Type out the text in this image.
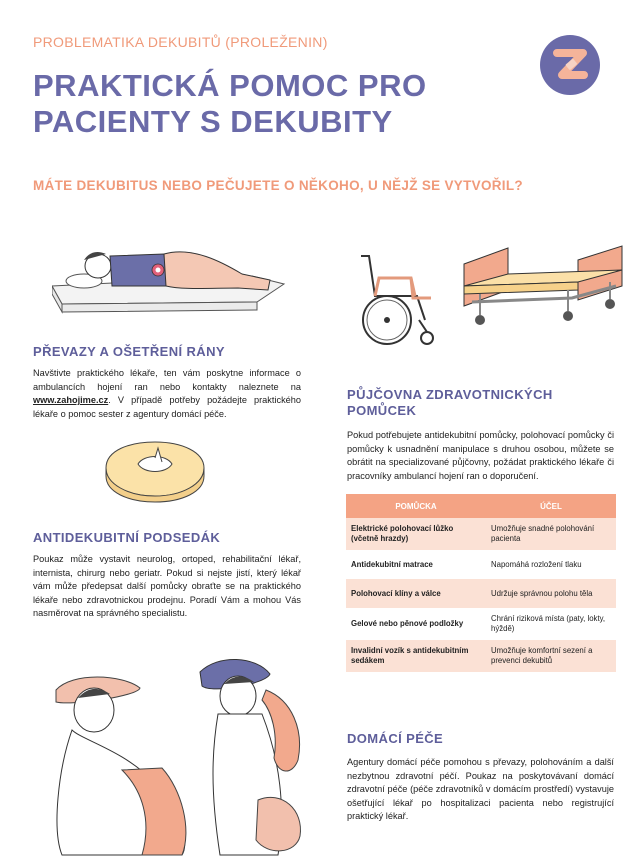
PROBLEMATIKA DEKUBITŮ (PROLEŽENIN)
PRAKTICKÁ POMOC PRO
PACIENTY S DEKUBITY
MÁTE DEKUBITUS NEBO PEČUJETE O NĚKOHO, U NĚJŽ SE VYTVOŘIL?
PŘEVAZY A OŠETŘENÍ RÁNY
Navštivte praktického lékaře, ten vám poskytne informace o ambulancích hojení ran nebo kontakty naleznete na www.zahojime.cz. V případě potřeby požádejte praktického lékaře o pomoc sester z agentury domácí péče.
ANTIDEKUBITNÍ PODSEDÁK
Poukaz může vystavit neurolog, ortoped, rehabilitační lékař, internista, chirurg nebo geriatr. Pokud si nejste jistí, který lékař vám může předepsat další pomůcky obraťte se na praktického lékaře nebo zdravotnickou prodejnu. Poradí Vám a mohou Vás nasměrovat na správného specialistu.
PŮJČOVNA ZDRAVOTNICKÝCH
POMŮCEK
Pokud potřebujete antidekubitní pomůcky, polohovací pomůcky či pomůcky k usnadnění manipulace s druhou osobou, můžete se obrátit na specializované půjčovny, požádat praktického lékaře či pracovníky ambulancí hojení ran o doporučení.
POMŮCKA	ÚČEL
Elektrické polohovací lůžko (včetně hrazdy)	Umožňuje snadné polohování pacienta
Antidekubitní matrace	Napomáhá rozložení tlaku
Polohovací klíny a válce	Udržuje správnou polohu těla
Gelové nebo pěnové podložky	Chrání riziková místa (paty, lokty, hýždě)
Invalidní vozík s antidekubitním sedákem	Umožňuje komfortní sezení a prevenci dekubitů
DOMÁCÍ PÉČE
Agentury domácí péče pomohou s převazy, polohováním a další nezbytnou zdravotní péčí. Poukaz na poskytovávaní domácí zdravotní péče (péče zdravotníků v domácím prostředí) vystavuje ošetřující lékař po hospitalizaci pacienta nebo registrující praktický lékař.
